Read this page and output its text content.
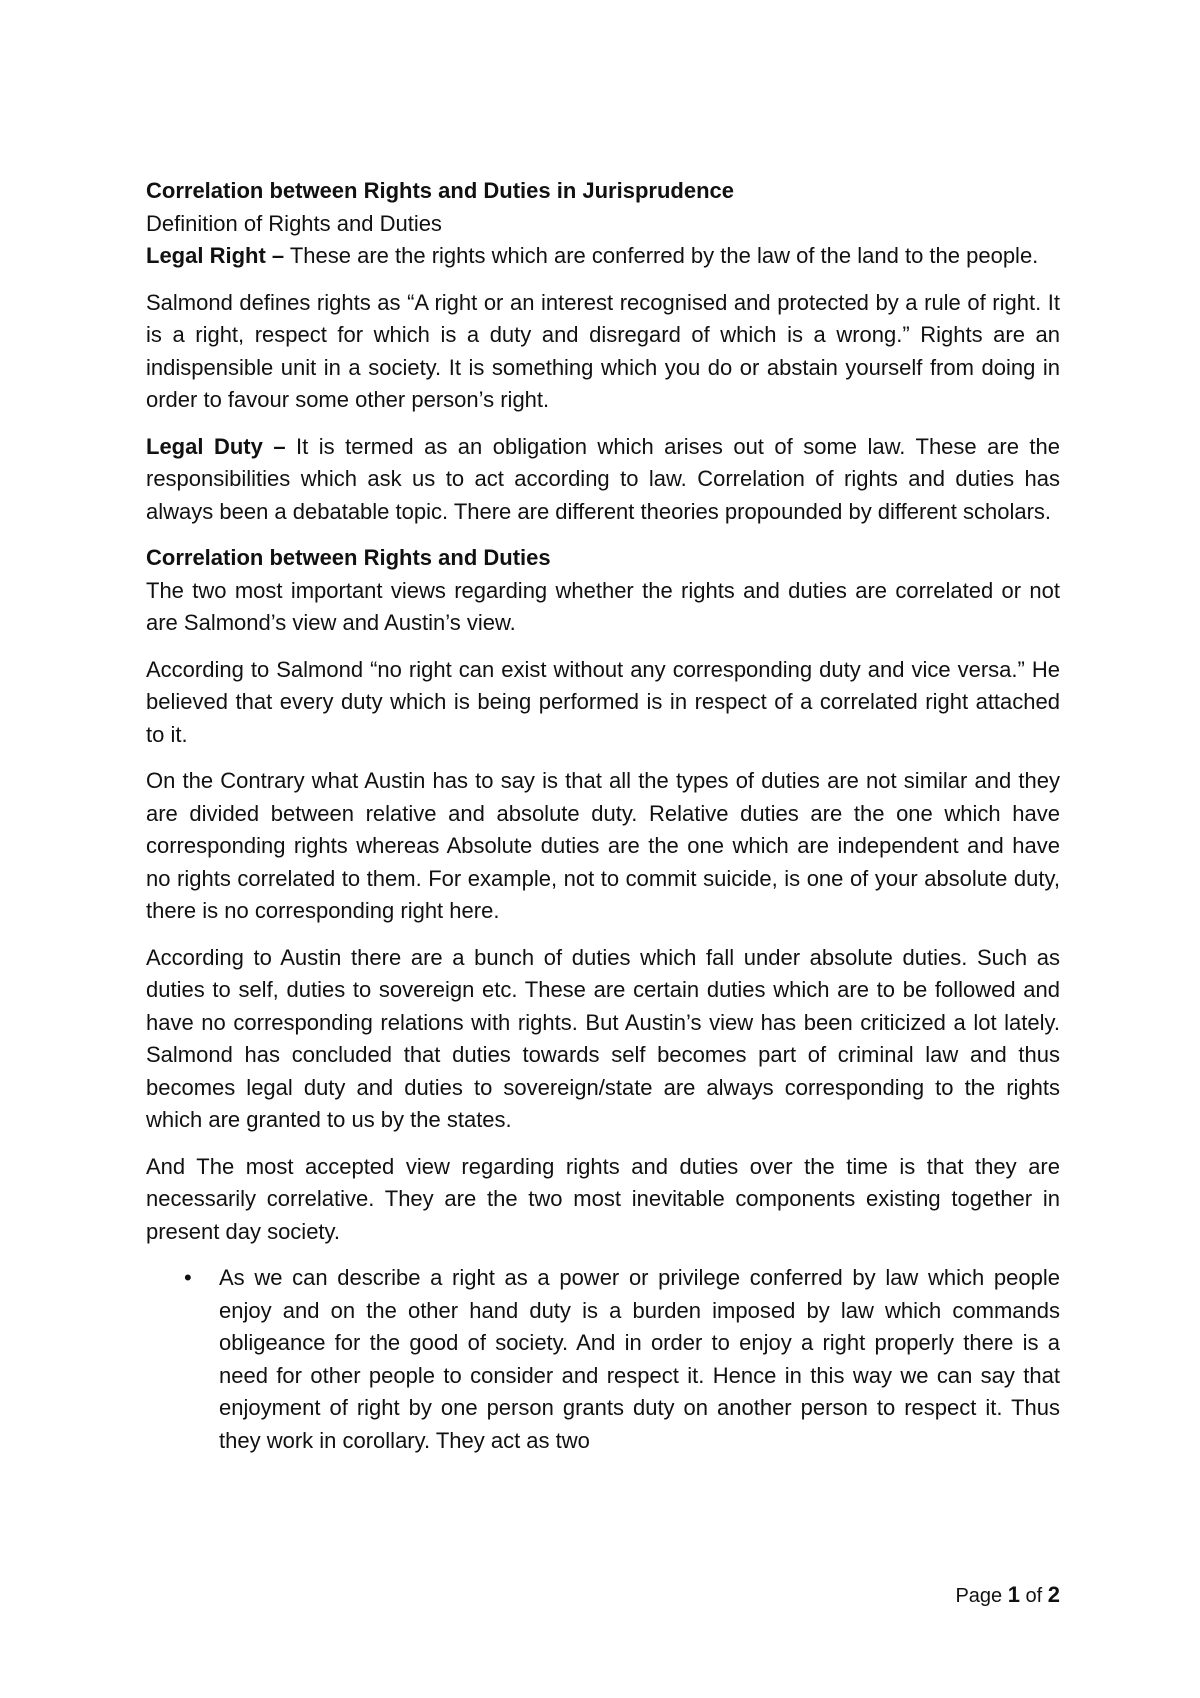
Correlation between Rights and Duties in Jurisprudence

Definition of Rights and Duties

Legal Right – These are the rights which are conferred by the law of the land to the people.

Salmond defines rights as “A right or an interest recognised and protected by a rule of right. It is a right, respect for which is a duty and disregard of which is a wrong.” Rights are an indispensible unit in a society. It is something which you do or abstain yourself from doing in order to favour some other person’s right.

Legal Duty – It is termed as an obligation which arises out of some law. These are the responsibilities which ask us to act according to law. Correlation of rights and duties has always been a debatable topic. There are different theories propounded by different scholars.

Correlation between Rights and Duties

The two most important views regarding whether the rights and duties are correlated or not are Salmond’s view and Austin’s view.

According to Salmond “no right can exist without any corresponding duty and vice versa.” He believed that every duty which is being performed is in respect of a correlated right attached to it.

On the Contrary what Austin has to say is that all the types of duties are not similar and they are divided between relative and absolute duty. Relative duties are the one which have corresponding rights whereas Absolute duties are the one which are independent and have no rights correlated to them. For example, not to commit suicide, is one of your absolute duty, there is no corresponding right here.

According to Austin there are a bunch of duties which fall under absolute duties. Such as duties to self, duties to sovereign etc. These are certain duties which are to be followed and have no corresponding relations with rights. But Austin’s view has been criticized a lot lately. Salmond has concluded that duties towards self becomes part of criminal law and thus becomes legal duty and duties to sovereign/state are always corresponding to the rights which are granted to us by the states.

And The most accepted view regarding rights and duties over the time is that they are necessarily correlative. They are the two most inevitable components existing together in present day society.

• As we can describe a right as a power or privilege conferred by law which people enjoy and on the other hand duty is a burden imposed by law which commands obligeance for the good of society. And in order to enjoy a right properly there is a need for other people to consider and respect it. Hence in this way we can say that enjoyment of right by one person grants duty on another person to respect it. Thus they work in corollary. They act as two
Page 1 of 2
